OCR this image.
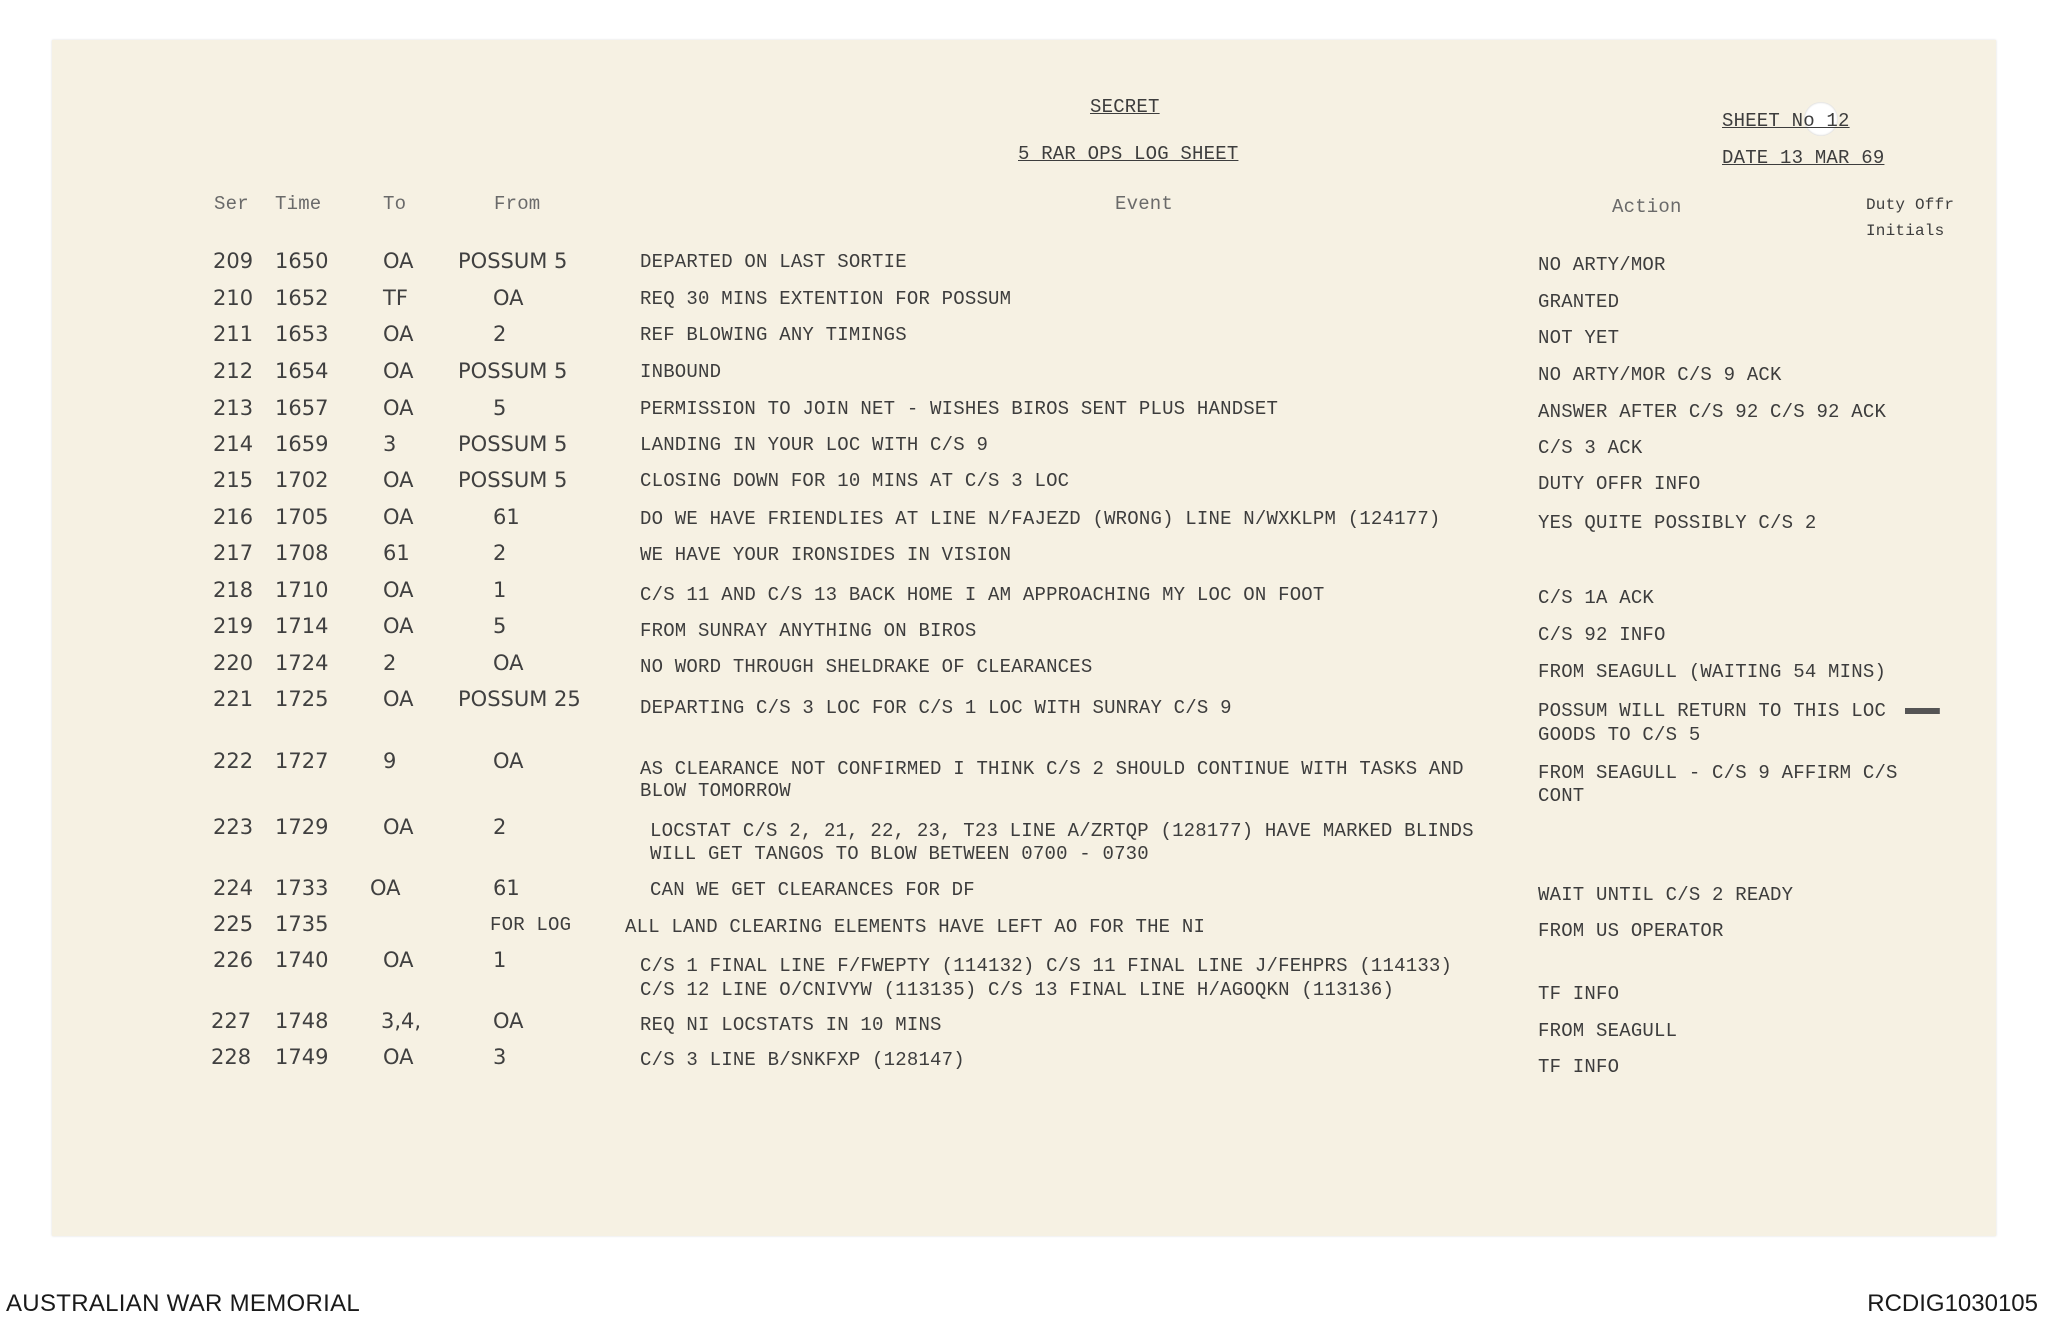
SECRET
5 RAR OPS LOG SHEET
SHEET No 12
DATE 13 MAR 69
Ser Time	To	From	Event	Action	Duty Offr
Initials
209 1650	OA POSSUM 5	DEPARTED ON LAST SORTIE	NO ARTY/MOR
210 1652	TF	OA	REQ 30 MINS EXTENTION FOR POSSUM	GRANTED
211 1653	OA	2	REF BLOWING ANY TIMINGS	NOT YET
212 1654	OA POSSUM 5	INBOUND	NO ARTY/MOR C/S 9 ACK
213 1657	OA	5	PERMISSION TO JOIN NET - WISHES BIROS SENT PLUS HANDSET	ANSWER AFTER C/S 92 C/S 92 ACK
214 1659	3	POSSUM 5	LANDING IN YOUR LOC WITH C/S 9	C/S 3 ACK
215 1702	OA POSSUM 5	CLOSING DOWN FOR 10 MINS AT C/S 3 LOC	DUTY OFFR INFO
216 1705	OA	61	DO WE HAVE FRIENDLIES AT LINE N/FAJEZD (WRONG) LINE N/WXKLPM (124177)	YES QUITE POSSIBLY C/S 2
217 1708	61	2	WE HAVE YOUR IRONSIDES IN VISION
218 1710	OA	1	C/S 11 AND C/S 13 BACK HOME I AM APPROACHING MY LOC ON FOOT	C/S 1A ACK
219 1714	OA	5	FROM SUNRAY ANYTHING ON BIROS	C/S 92 INFO
220 1724	2	OA	NO WORD THROUGH SHELDRAKE OF CLEARANCES	FROM SEAGULL (WAITING 54 MINS)
221 1725	OA POSSUM 25	DEPARTING C/S 3 LOC FOR C/S 1 LOC WITH SUNRAY C/S 9	POSSUM WILL RETURN TO THIS LOC

GOODS TO C/S 5
222 1727	9	OA	AS CLEARANCE NOT CONFIRMED I THINK C/S 2 SHOULD CONTINUE WITH TASKS AND
BLOW TOMORROW
FROM SEAGULL - C/S 9 AFFIRM C/S
CONT
223 1729	OA	2	LOCSTAT C/S 2, 21, 22, 23, T23 LINE A/ZRTQP (128177) HAVE MARKED BLINDS
WILL GET TANGOS TO BLOW BETWEEN 0700 - 0730
224 1733 OA	61	CAN WE GET CLEARANCES FOR DF	WAIT UNTIL C/S 2 READY
225 1735	FOR LOG	ALL LAND CLEARING ELEMENTS HAVE LEFT AO FOR THE NI	FROM US OPERATOR
226 1740	OA	1	C/S 1 FINAL LINE F/FWEPTY (114132) C/S 11 FINAL LINE J/FEHPRS (114133)
C/S 12 LINE O/CNIVYW (113135) C/S 13 FINAL LINE H/AGOQKN (113136)	TF INFO
227 1748	3,4,	OA	REQ NI LOCSTATS IN 10 MINS	FROM SEAGULL
228 1749	OA	3	C/S 3 LINE B/SNKFXP (128147)	TF INFO
AUSTRALIAN WAR MEMORIAL	RCDIG1030105
